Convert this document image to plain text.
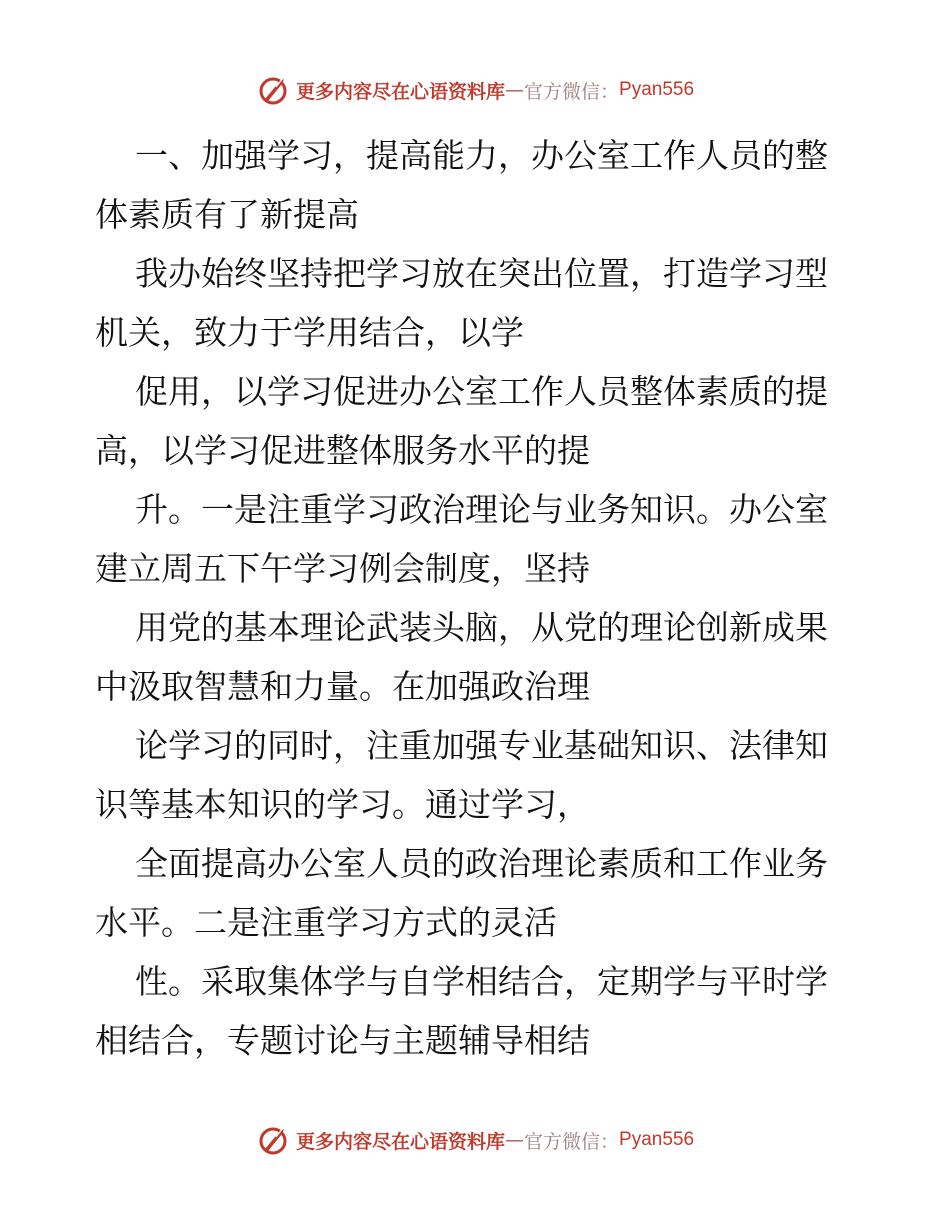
更多内容尽在心语资料库 — 官方微信 ： Pyan556

一、加强学习，提高能力，办公室工作人员的整
体素质有了新提高

我办始终坚持把学习放在突出位置，打造学习型
机关，致力于学用结合，以学

促用，以学习促进办公室工作人员整体素质的提
高，以学习促进整体服务水平的提

升。一是注重学习政治理论与业务知识。办公室
建立周五下午学习例会制度，坚持

用党的基本理论武装头脑，从党的理论创新成果
中汲取智慧和力量。在加强政治理

论学习的同时，注重加强专业基础知识、法律知
识等基本知识的学习。通过学习，

全面提高办公室人员的政治理论素质和工作业务
水平。二是注重学习方式的灵活

性。采取集体学与自学相结合，定期学与平时学
相结合，专题讨论与主题辅导相结

更多内容尽在心语资料库 — 官方微信 ： Pyan556
